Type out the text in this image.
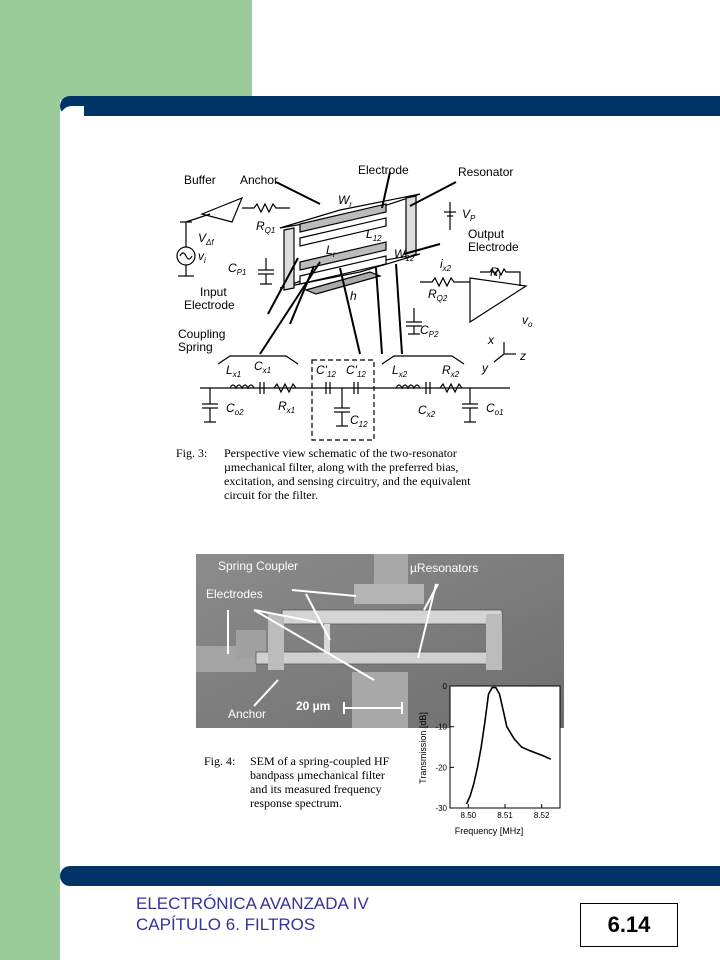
Buffer Anchor
Electrode	Resonator
Output
Electrode
Input
Electrode
Coupling
Spring
$W_r$
$L_r$
$L_{12}$
$W_{12}$
h
$V_P$
$V_{\Delta f}$
$v_i$
$R_{Q1}$
$R_{Q2}$
$C_{P1}$
$C_{P2}$
$i_{x2}$	$R_f$
$v_o$
x
y
z
$L_{x1}$
$C_{x1}$	$C'_{12}$ $C'_{12}$ $L_{x2}$	$R_{x2}$
$C_{o2}$	$R_{x1}$
$C_{12}$
$C_{x2}$	$C_{o1}$
Fig. 3: Perspective view schematic of the two-resonator
µmechanical filter, along with the preferred bias,
excitation, and sensing circuitry, and the equivalent
circuit for the filter.
Spring Coupler	µResonators
Electrodes
Anchor
20 µm
Fig. 4: SEM of a spring-coupled HF
bandpass µmechanical filter
and its measured frequency
response spectrum.
8.50	8.51	8.52
0
-10
-20
-30
Frequency [MHz]
Transmission [dB]
ELECTRÓNICA AVANZADA IV
CAPÍTULO 6. FILTROS	6.14
